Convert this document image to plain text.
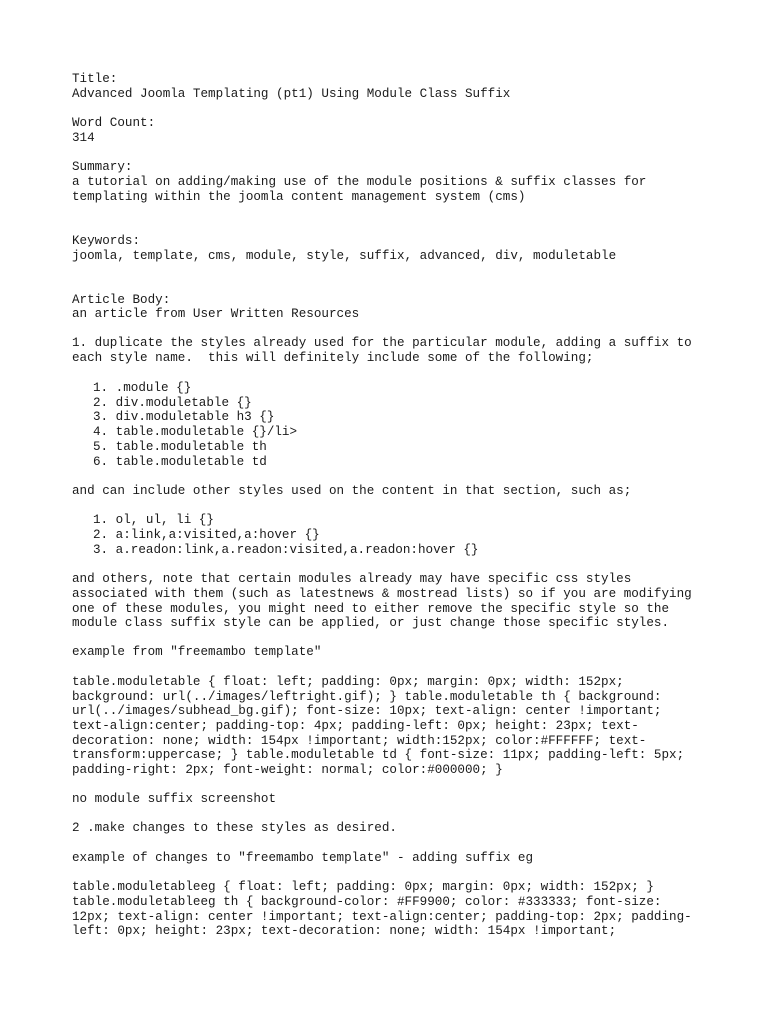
Title:
Advanced Joomla Templating (pt1) Using Module Class Suffix
Word Count:
314
Summary:
a tutorial on adding/making use of the module positions & suffix classes for
templating within the joomla content management system (cms)
Keywords:
joomla, template, cms, module, style, suffix, advanced, div, moduletable
Article Body:
an article from User Written Resources
1. duplicate the styles already used for the particular module, adding a suffix to
each style name.  this will definitely include some of the following;
1. .module {}
2. div.moduletable {}
3. div.moduletable h3 {}
4. table.moduletable {}/li>
5. table.moduletable th
6. table.moduletable td
and can include other styles used on the content in that section, such as;
1. ol, ul, li {}
2. a:link,a:visited,a:hover {}
3. a.readon:link,a.readon:visited,a.readon:hover {}
and others, note that certain modules already may have specific css styles
associated with them (such as latestnews & mostread lists) so if you are modifying
one of these modules, you might need to either remove the specific style so the
module class suffix style can be applied, or just change those specific styles.
example from "freemambo template"
table.moduletable { float: left; padding: 0px; margin: 0px; width: 152px;
background: url(../images/leftright.gif); } table.moduletable th { background:
url(../images/subhead_bg.gif); font-size: 10px; text-align: center !important;
text-align:center; padding-top: 4px; padding-left: 0px; height: 23px; text-
decoration: none; width: 154px !important; width:152px; color:#FFFFFF; text-
transform:uppercase; } table.moduletable td { font-size: 11px; padding-left: 5px;
padding-right: 2px; font-weight: normal; color:#000000; }
no module suffix screenshot
2 .make changes to these styles as desired.
example of changes to "freemambo template" - adding suffix eg
table.moduletableeg { float: left; padding: 0px; margin: 0px; width: 152px; }
table.moduletableeg th { background-color: #FF9900; color: #333333; font-size:
12px; text-align: center !important; text-align:center; padding-top: 2px; padding-
left: 0px; height: 23px; text-decoration: none; width: 154px !important;
